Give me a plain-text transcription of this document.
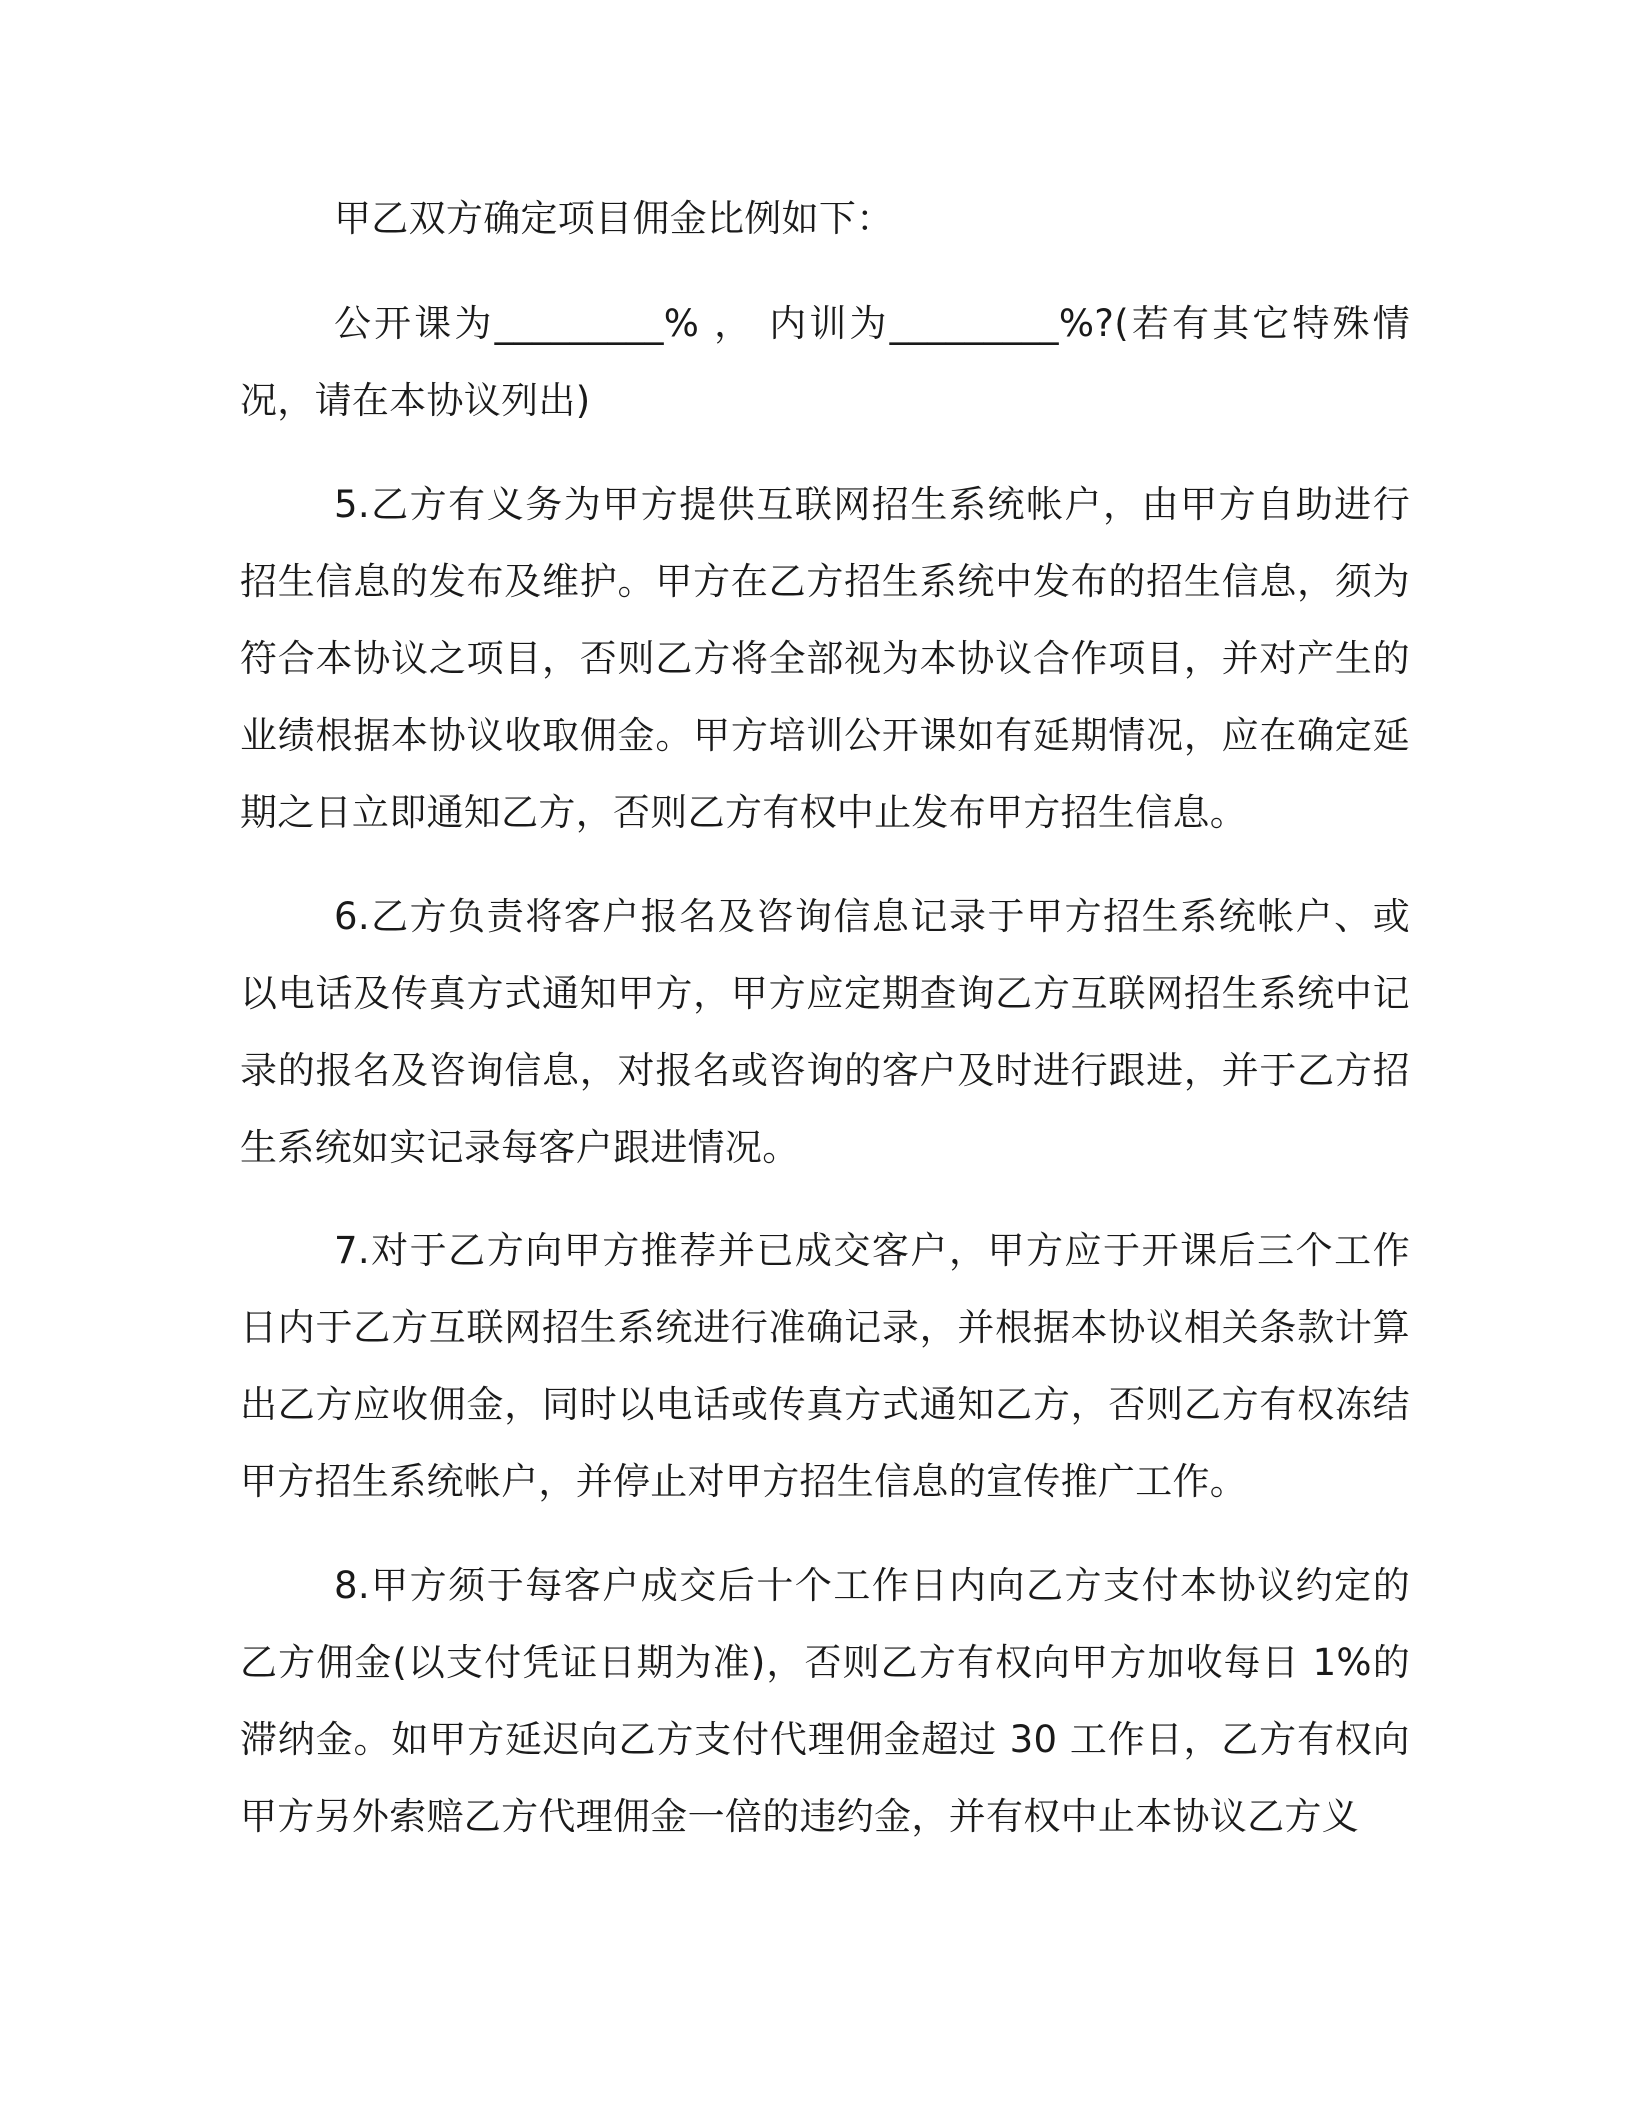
甲乙双方确定项目佣金比例如下：

公开课为_________% ， 内训为_________%?(若有其它特殊情况，请在本协议列出)

5.乙方有义务为甲方提供互联网招生系统帐户，由甲方自助进行招生信息的发布及维护。甲方在乙方招生系统中发布的招生信息，须为符合本协议之项目，否则乙方将全部视为本协议合作项目，并对产生的业绩根据本协议收取佣金。甲方培训公开课如有延期情况，应在确定延期之日立即通知乙方，否则乙方有权中止发布甲方招生信息。

6.乙方负责将客户报名及咨询信息记录于甲方招生系统帐户、或以电话及传真方式通知甲方，甲方应定期查询乙方互联网招生系统中记录的报名及咨询信息，对报名或咨询的客户及时进行跟进，并于乙方招生系统如实记录每客户跟进情况。

7.对于乙方向甲方推荐并已成交客户，甲方应于开课后三个工作日内于乙方互联网招生系统进行准确记录，并根据本协议相关条款计算出乙方应收佣金，同时以电话或传真方式通知乙方，否则乙方有权冻结甲方招生系统帐户，并停止对甲方招生信息的宣传推广工作。

8.甲方须于每客户成交后十个工作日内向乙方支付本协议约定的乙方佣金(以支付凭证日期为准)，否则乙方有权向甲方加收每日 1%的滞纳金。如甲方延迟向乙方支付代理佣金超过 30 工作日，乙方有权向甲方另外索赔乙方代理佣金一倍的违约金，并有权中止本协议乙方义
